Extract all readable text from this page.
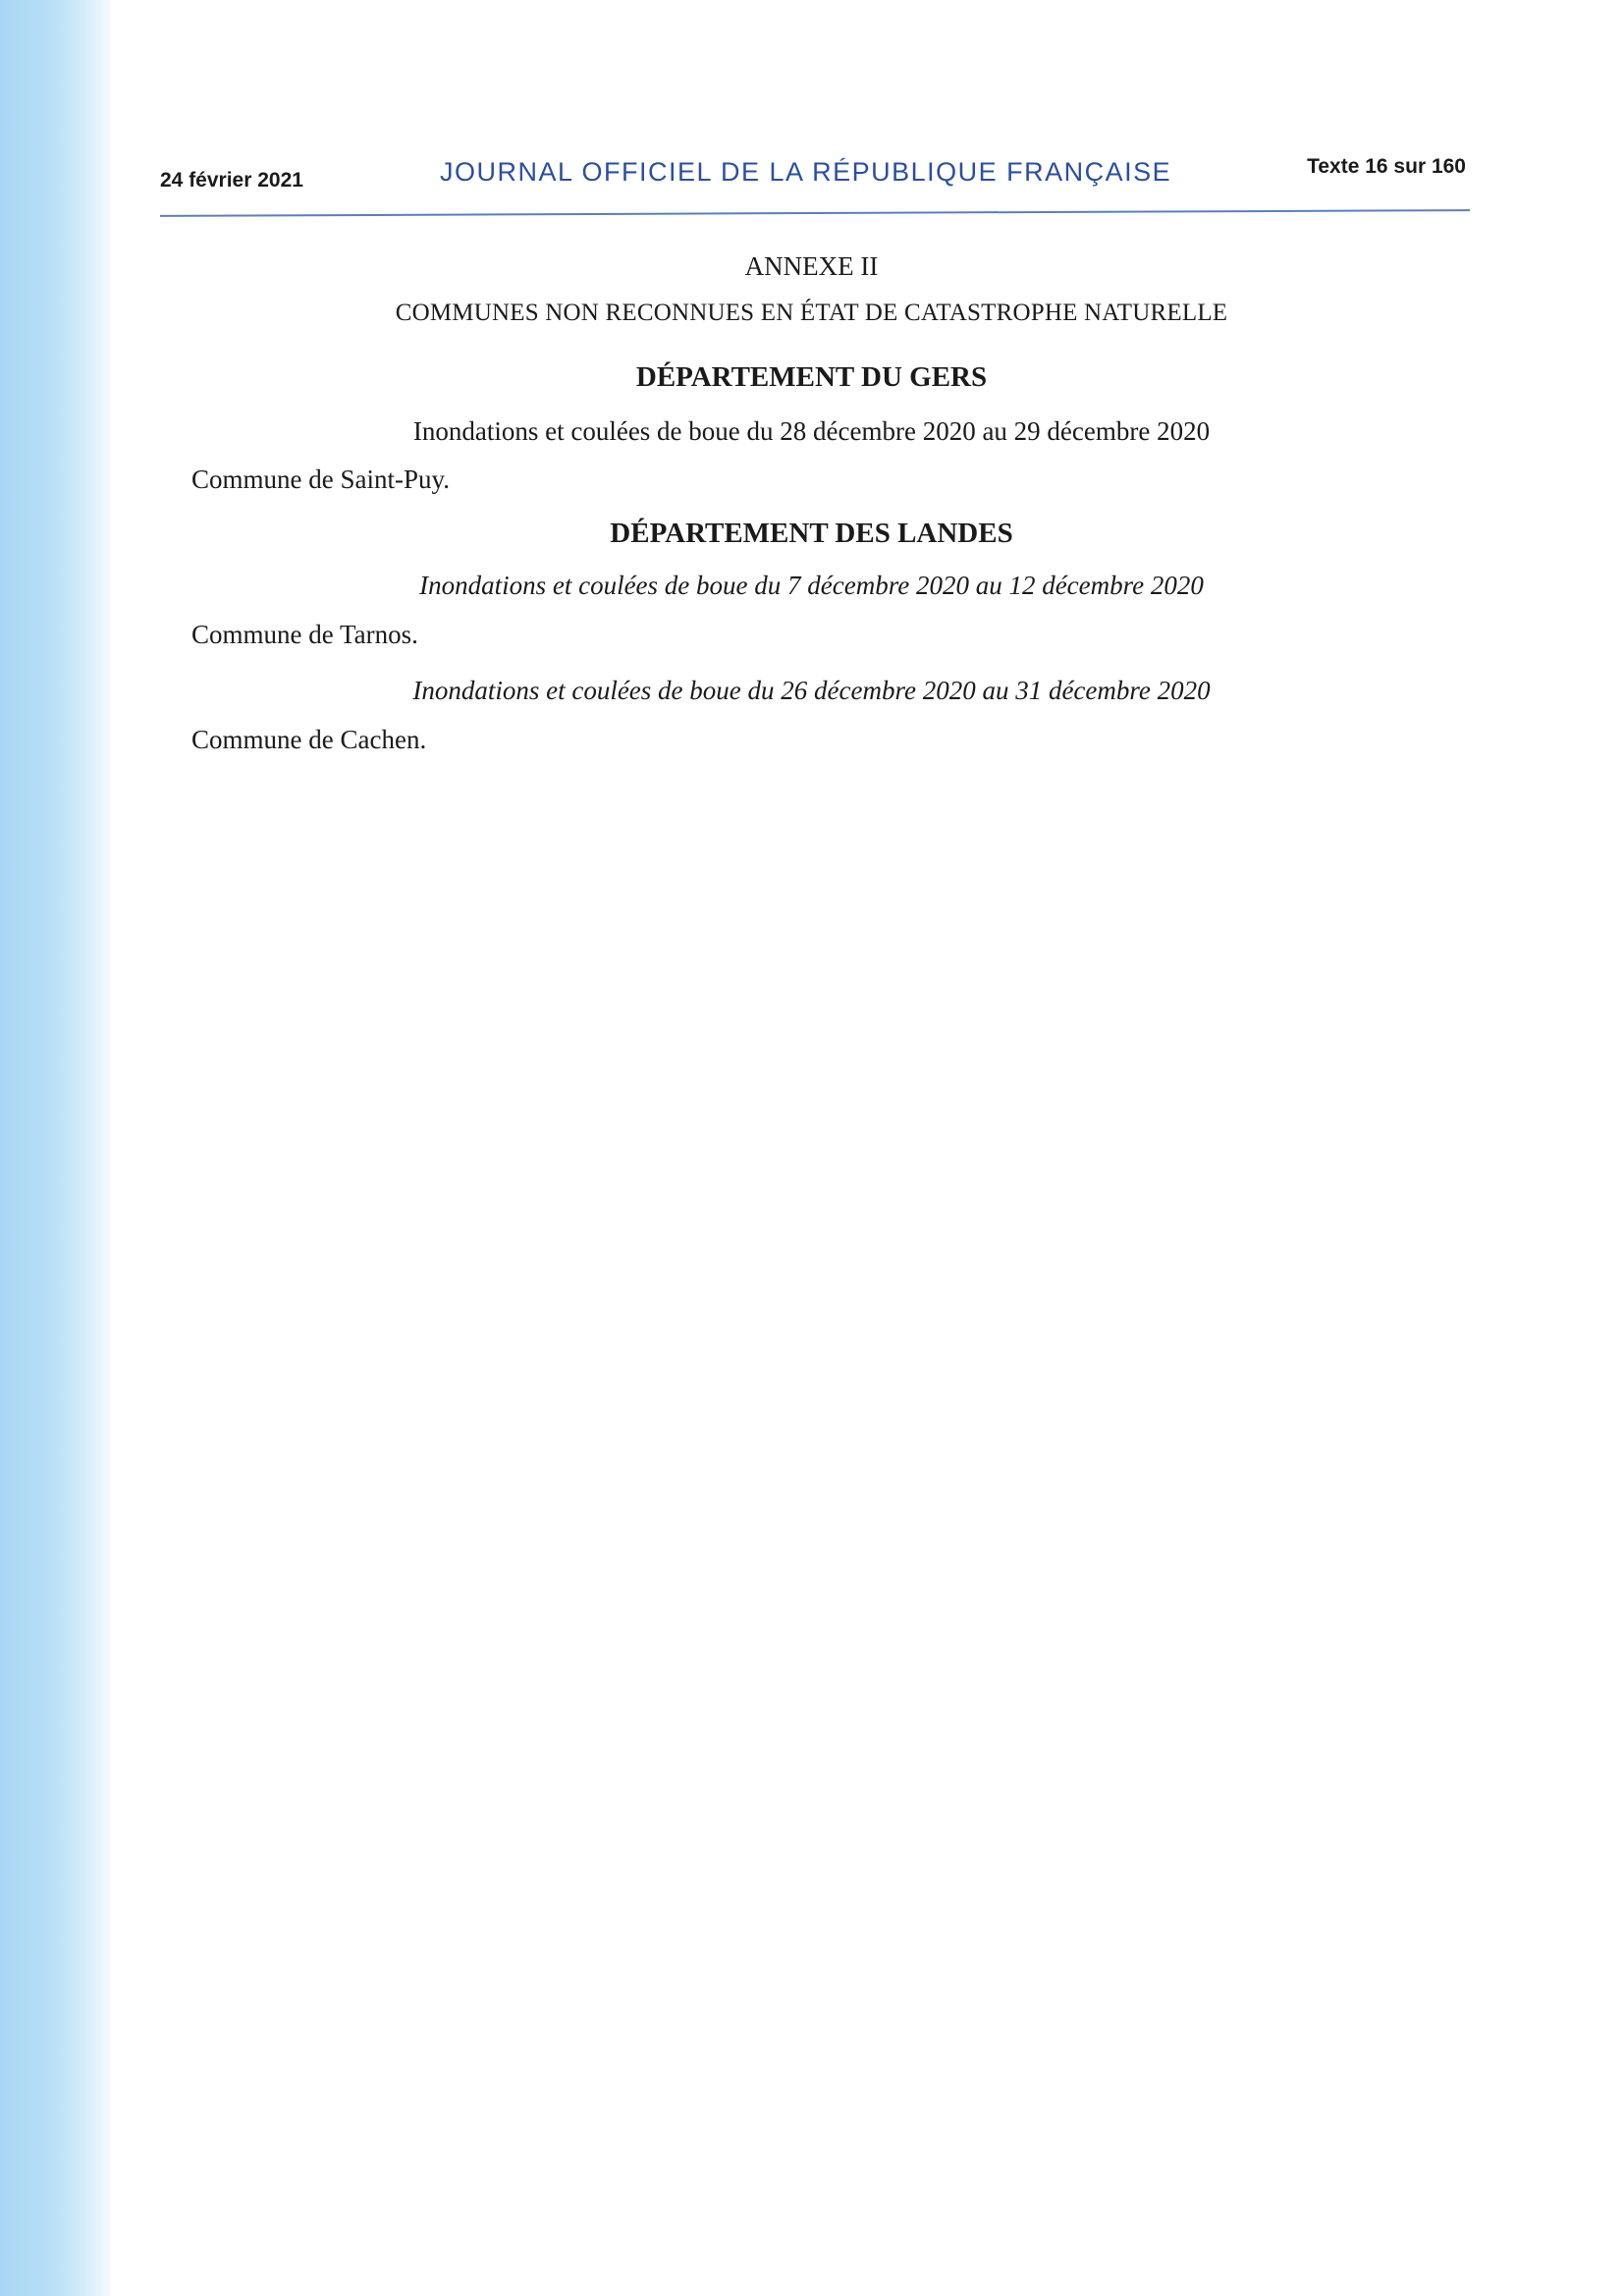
24 février 2021	JOURNAL OFFICIEL DE LA RÉPUBLIQUE FRANÇAISE	Texte 16 sur 160
ANNEXE II
COMMUNES NON RECONNUES EN ÉTAT DE CATASTROPHE NATURELLE
DÉPARTEMENT DU GERS
Inondations et coulées de boue du 28 décembre 2020 au 29 décembre 2020
Commune de Saint-Puy.
DÉPARTEMENT DES LANDES
Inondations et coulées de boue du 7 décembre 2020 au 12 décembre 2020
Commune de Tarnos.
Inondations et coulées de boue du 26 décembre 2020 au 31 décembre 2020
Commune de Cachen.
